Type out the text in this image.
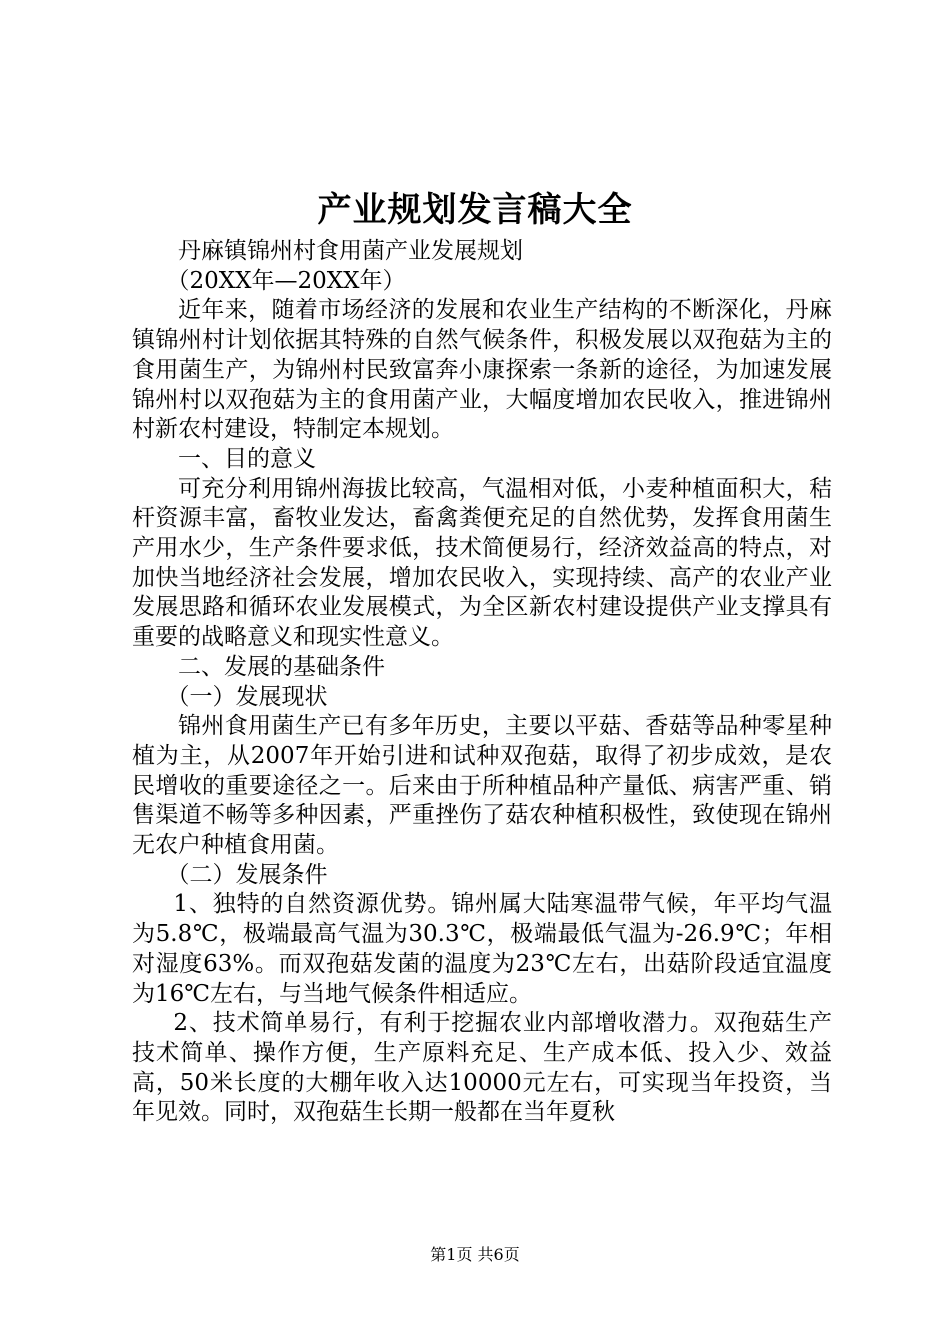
产业规划发言稿大全

丹麻镇锦州村食用菌产业发展规划

（20XX年—20XX年）

近年来，随着市场经济的发展和农业生产结构的不断深化，丹麻镇锦州村计划依据其特殊的自然气候条件，积极发展以双孢菇为主的食用菌生产，为锦州村民致富奔小康探索一条新的途径，为加速发展锦州村以双孢菇为主的食用菌产业，大幅度增加农民收入，推进锦州村新农村建设，特制定本规划。

一、目的意义

可充分利用锦州海拔比较高，气温相对低，小麦种植面积大，秸杆资源丰富，畜牧业发达，畜禽粪便充足的自然优势，发挥食用菌生产用水少，生产条件要求低，技术简便易行，经济效益高的特点，对加快当地经济社会发展，增加农民收入，实现持续、高产的农业产业发展思路和循环农业发展模式，为全区新农村建设提供产业支撑具有重要的战略意义和现实性意义。

二、发展的基础条件

（一）发展现状

锦州食用菌生产已有多年历史，主要以平菇、香菇等品种零星种植为主，从2007年开始引进和试种双孢菇，取得了初步成效，是农民增收的重要途径之一。后来由于所种植品种产量低、病害严重、销售渠道不畅等多种因素，严重挫伤了菇农种植积极性，致使现在锦州无农户种植食用菌。

（二）发展条件

1、独特的自然资源优势。锦州属大陆寒温带气候，年平均气温为5.8℃，极端最高气温为30.3℃，极端最低气温为-26.9℃；年相对湿度63%。而双孢菇发菌的温度为23℃左右，出菇阶段适宜温度为16℃左右，与当地气候条件相适应。

2、技术简单易行，有利于挖掘农业内部增收潜力。双孢菇生产技术简单、操作方便，生产原料充足、生产成本低、投入少、效益高，50米长度的大棚年收入达10000元左右，可实现当年投资，当年见效。同时，双孢菇生长期一般都在当年夏秋

第1页 共6页
